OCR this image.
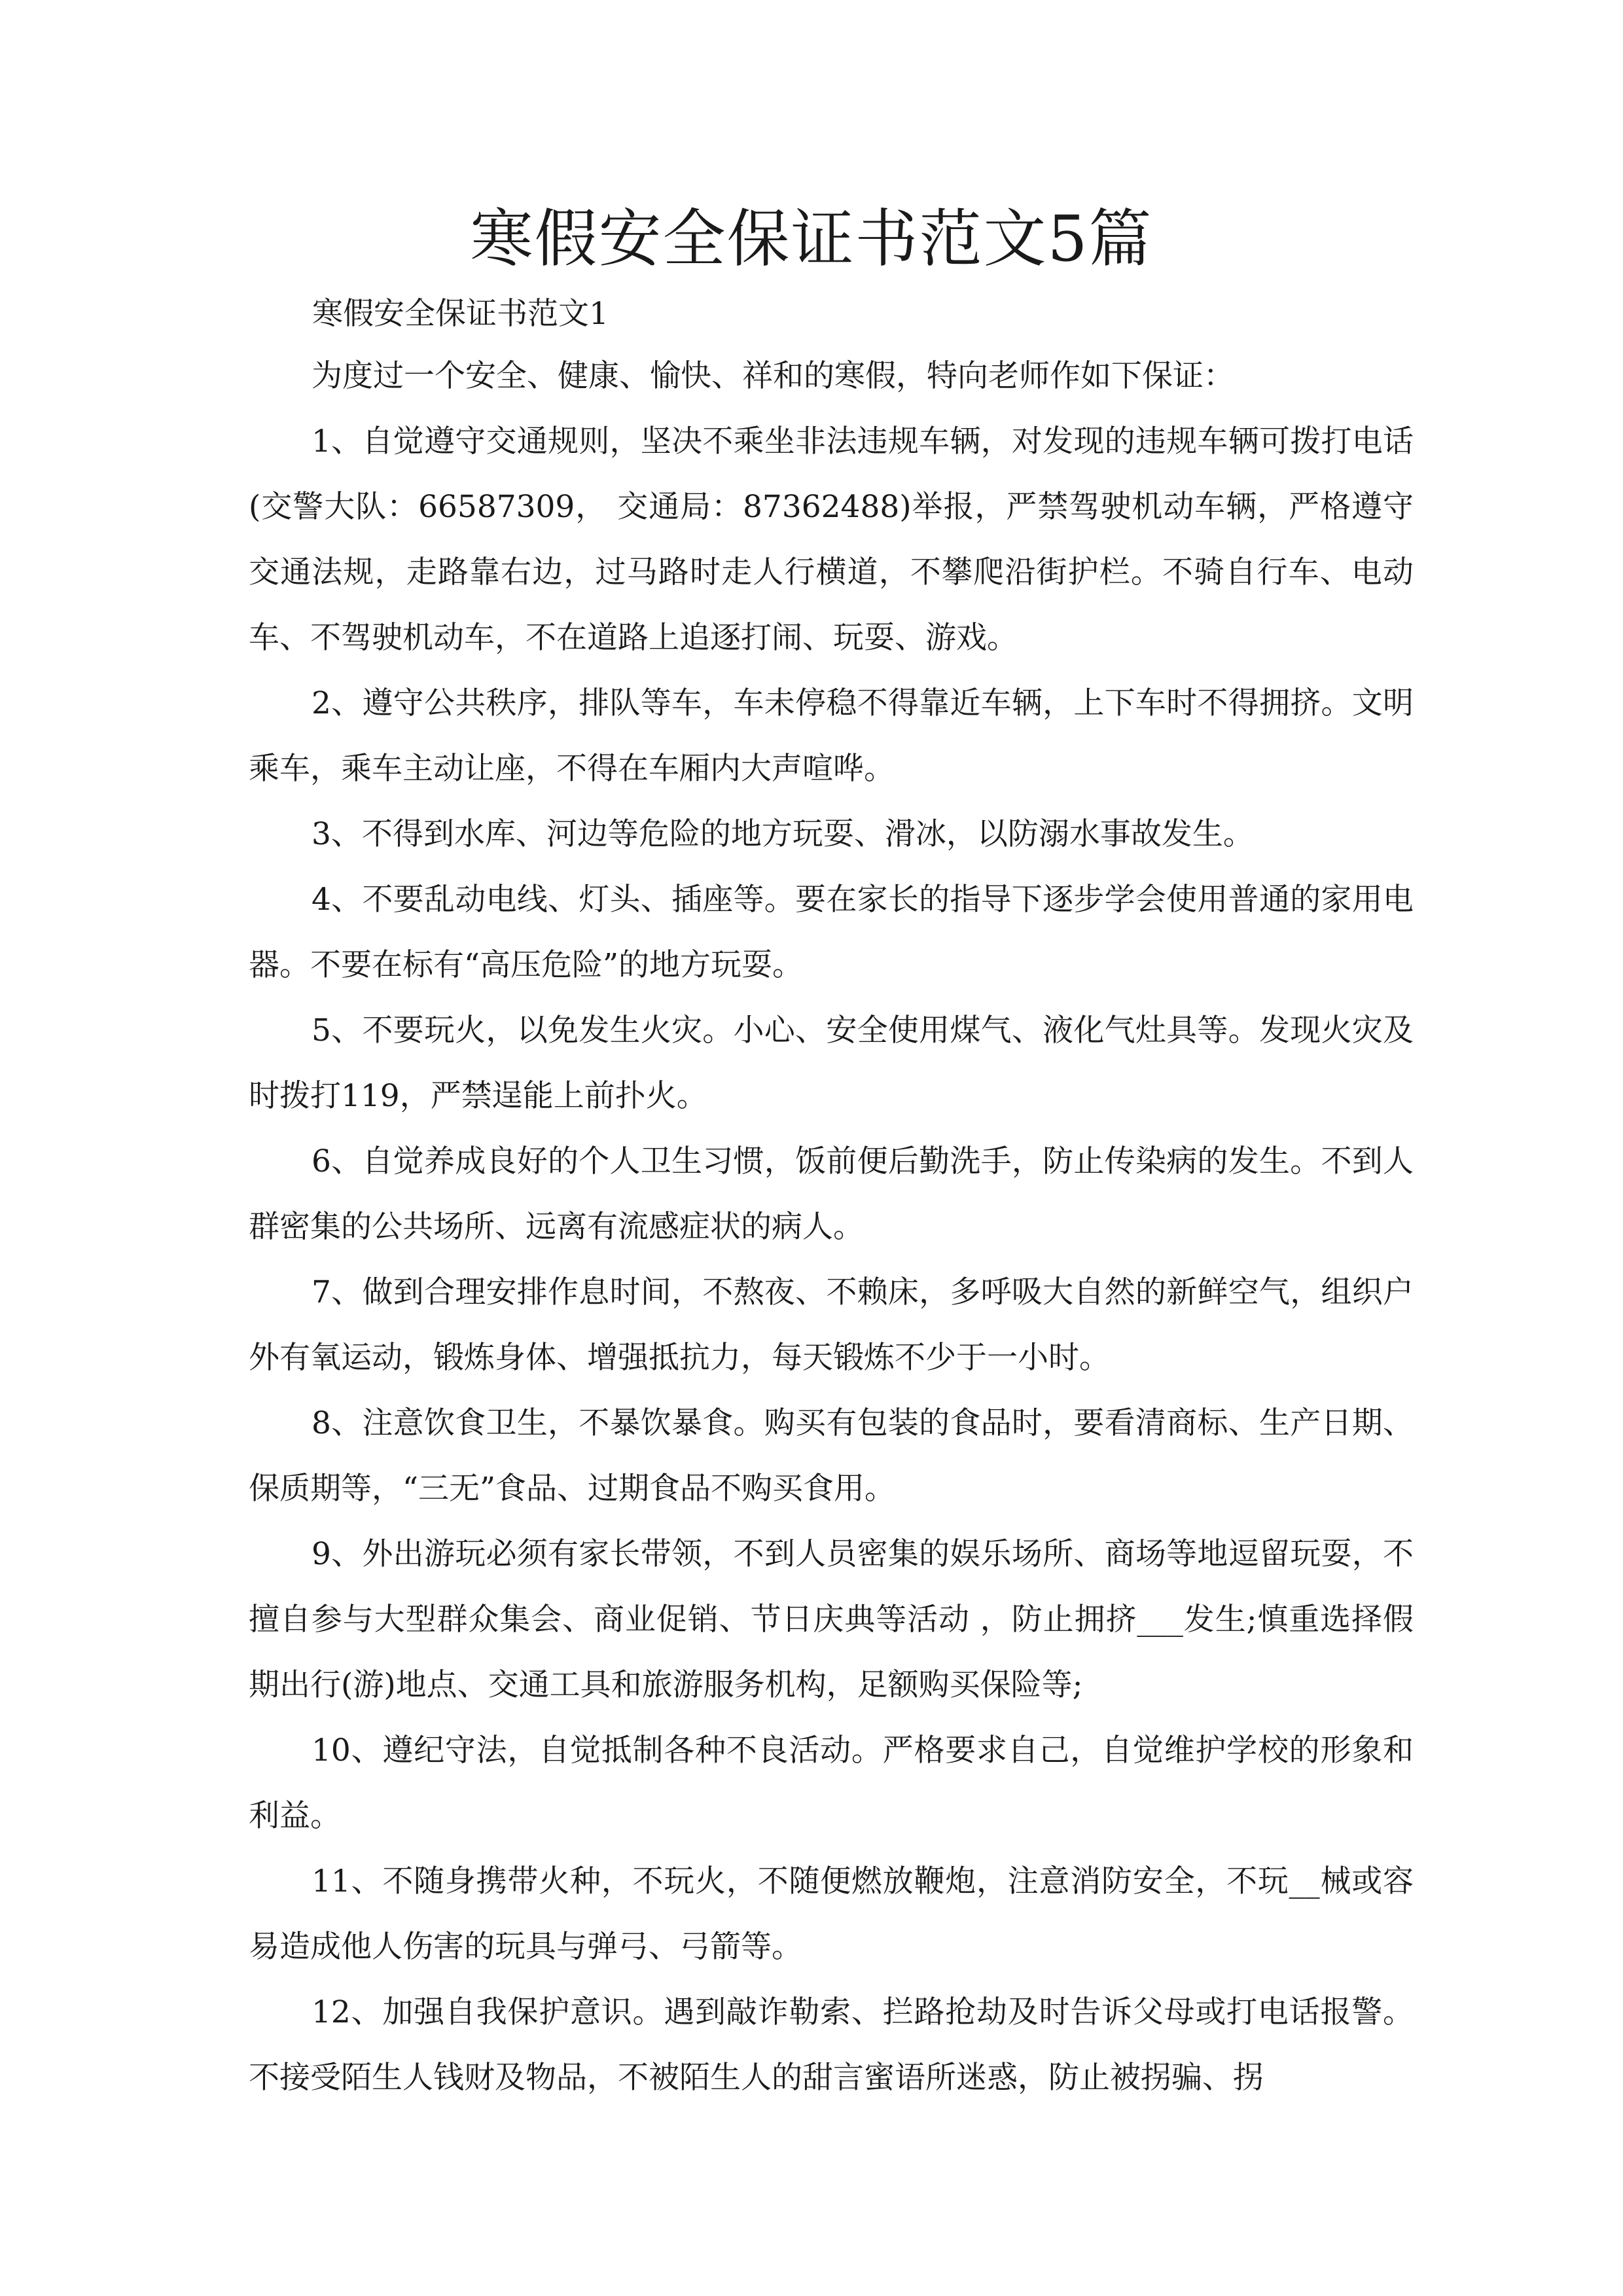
寒假安全保证书范文5篇
寒假安全保证书范文1

为度过一个安全、健康、愉快、祥和的寒假，特向老师作如下保证：

1、自觉遵守交通规则，坚决不乘坐非法违规车辆，对发现的违规车辆可拨打电话(交警大队：66587309， 交通局：87362488)举报，严禁驾驶机动车辆，严格遵守交通法规，走路靠右边，过马路时走人行横道，不攀爬沿街护栏。不骑自行车、电动车、不驾驶机动车，不在道路上追逐打闹、玩耍、游戏。

2、遵守公共秩序，排队等车，车未停稳不得靠近车辆，上下车时不得拥挤。文明乘车，乘车主动让座，不得在车厢内大声喧哗。

3、不得到水库、河边等危险的地方玩耍、滑冰，以防溺水事故发生。

4、不要乱动电线、灯头、插座等。要在家长的指导下逐步学会使用普通的家用电器。不要在标有“高压危险”的地方玩耍。

5、不要玩火，以免发生火灾。小心、安全使用煤气、液化气灶具等。发现火灾及时拨打119，严禁逞能上前扑火。

6、自觉养成良好的个人卫生习惯，饭前便后勤洗手，防止传染病的发生。不到人群密集的公共场所、远离有流感症状的病人。

7、做到合理安排作息时间，不熬夜、不赖床，多呼吸大自然的新鲜空气，组织户外有氧运动，锻炼身体、增强抵抗力，每天锻炼不少于一小时。

8、注意饮食卫生，不暴饮暴食。购买有包装的食品时，要看清商标、生产日期、保质期等，“三无”食品、过期食品不购买食用。

9、外出游玩必须有家长带领，不到人员密集的娱乐场所、商场等地逗留玩耍，不擅自参与大型群众集会、商业促销、节日庆典等活动 ，防止拥挤___发生;慎重选择假期出行(游)地点、交通工具和旅游服务机构，足额购买保险等;

10、遵纪守法，自觉抵制各种不良活动。严格要求自己，自觉维护学校的形象和利益。

11、不随身携带火种，不玩火，不随便燃放鞭炮，注意消防安全，不玩__械或容易造成他人伤害的玩具与弹弓、弓箭等。

12、加强自我保护意识。遇到敲诈勒索、拦路抢劫及时告诉父母或打电话报警。不接受陌生人钱财及物品，不被陌生人的甜言蜜语所迷惑，防止被拐骗、拐
